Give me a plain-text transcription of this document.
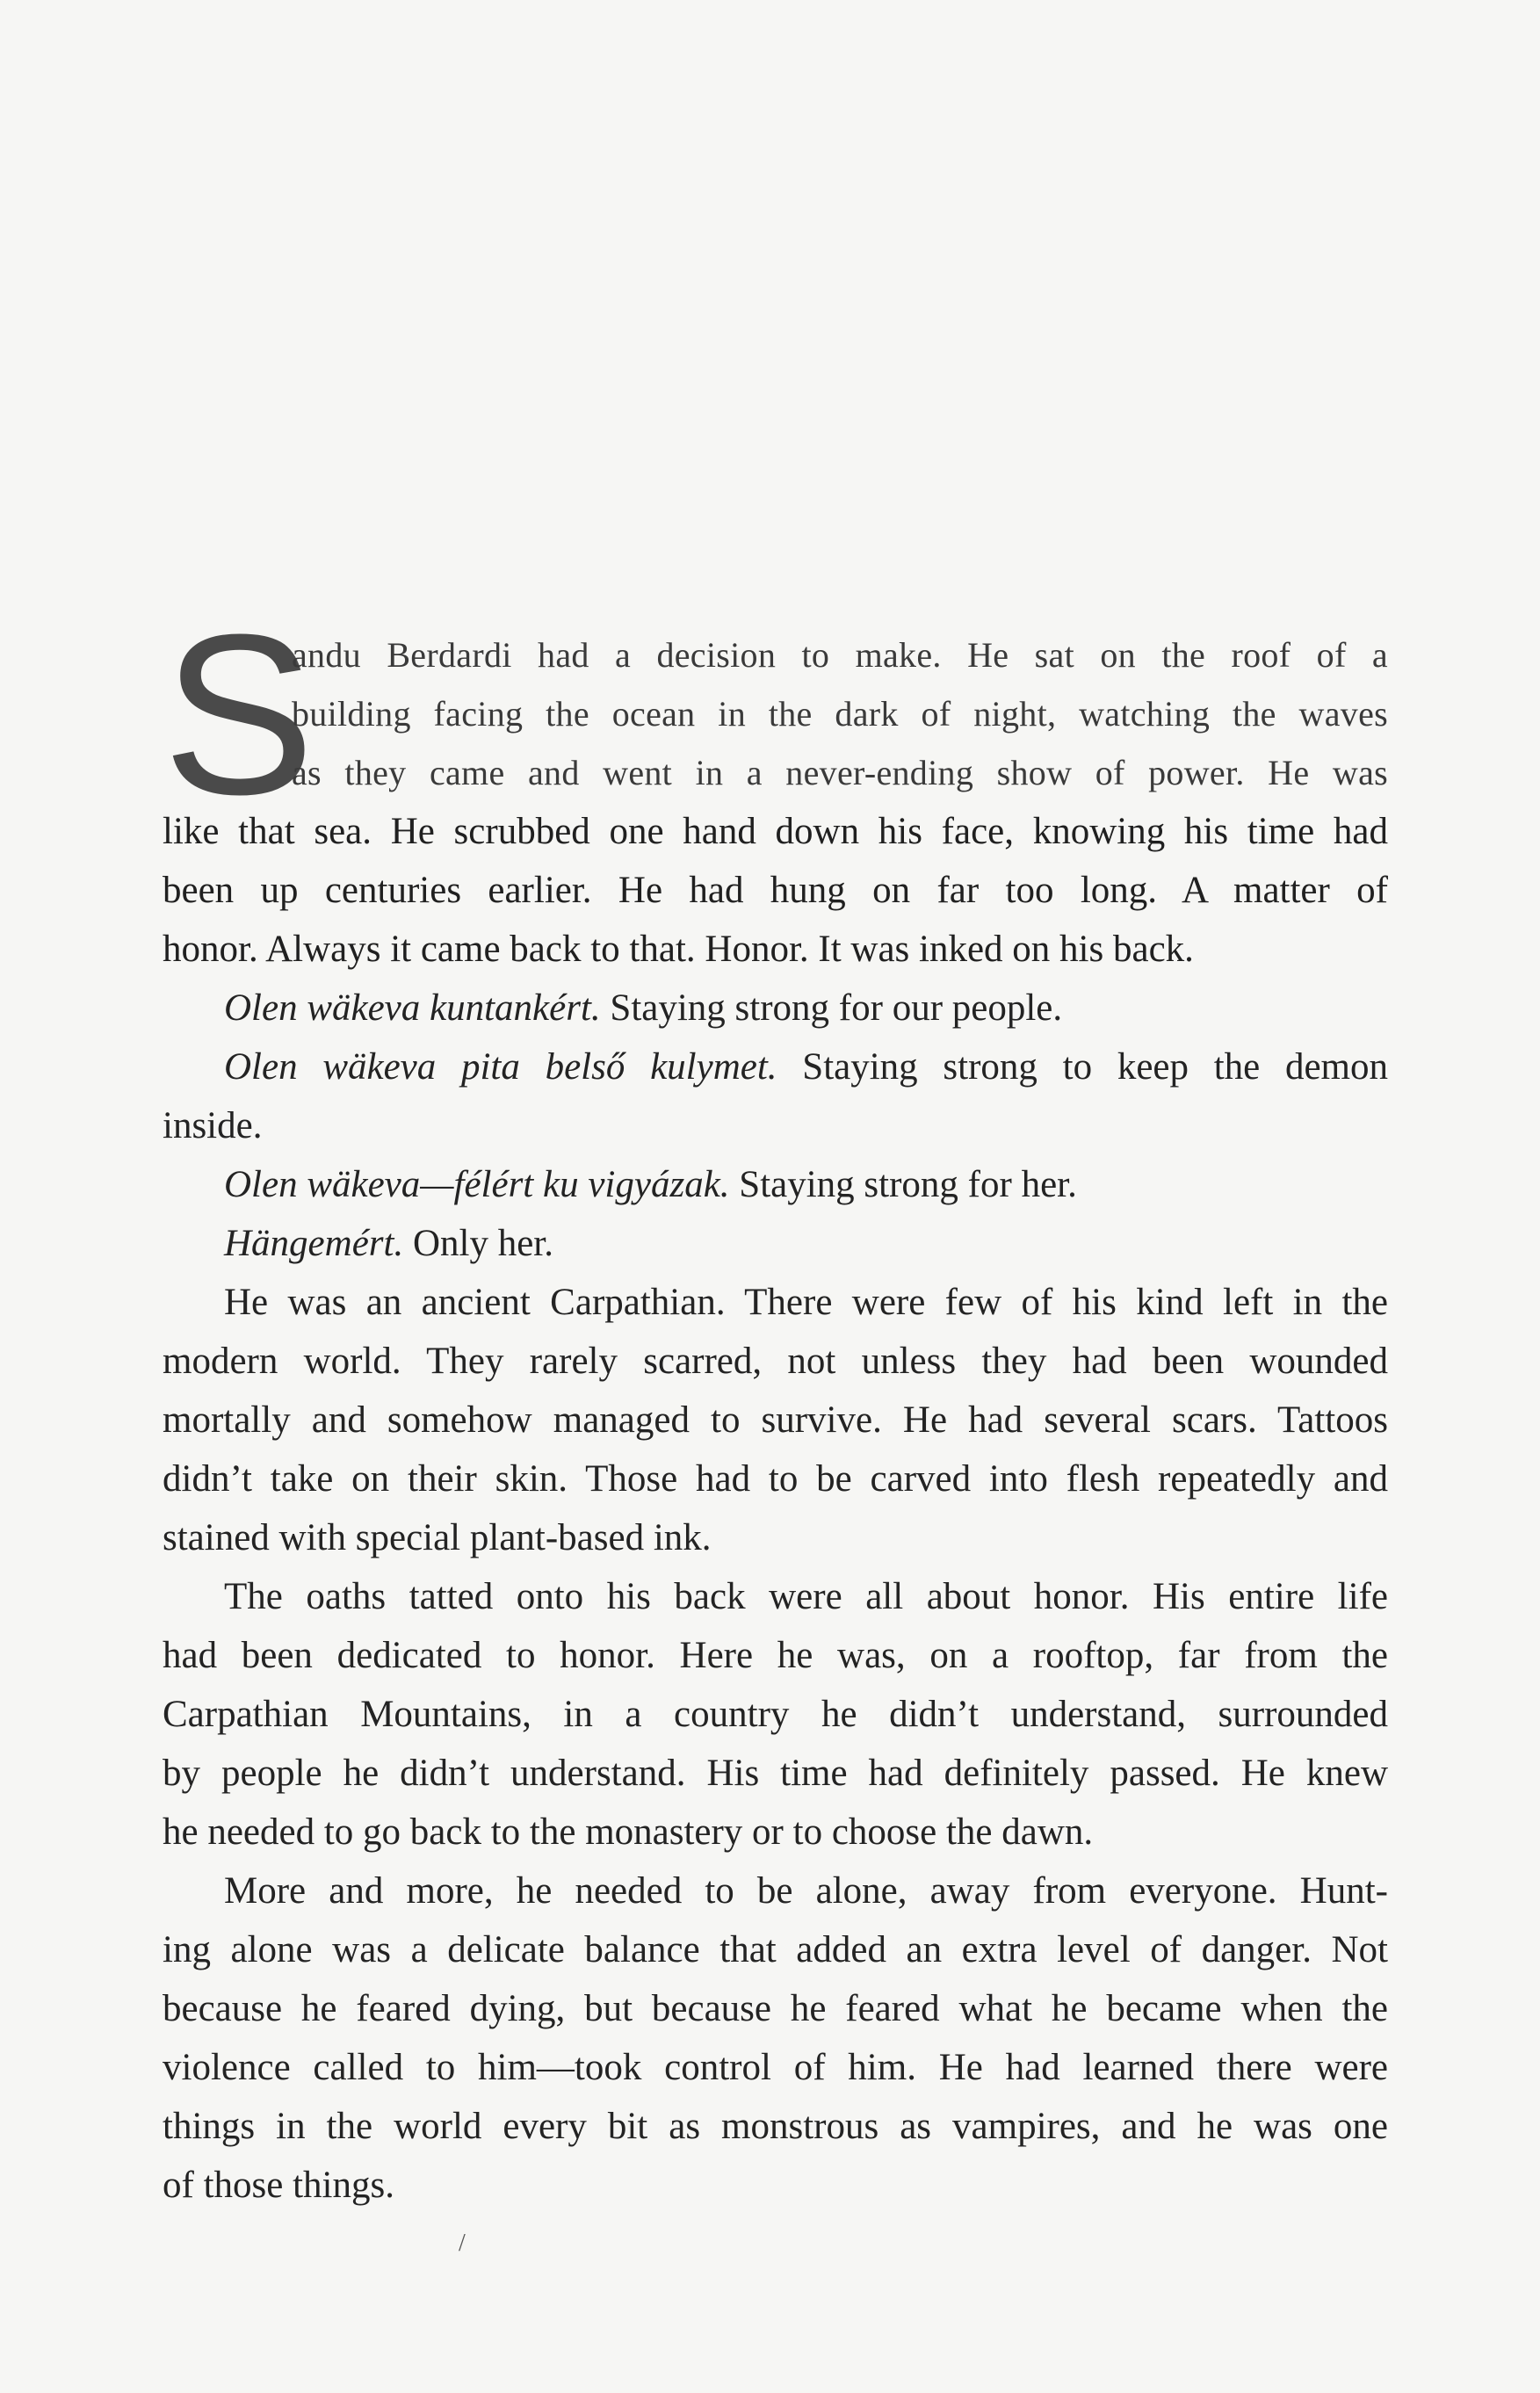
S
andu Berdardi had a decision to make. He sat on the roof of a
building facing the ocean in the dark of night, watching the waves
as they came and went in a never-ending show of power. He was
like that sea. He scrubbed one hand down his face, knowing his time had
been up centuries earlier. He had hung on far too long. A matter of
honor. Always it came back to that. Honor. It was inked on his back.

Olen wäkeva kuntankért. Staying strong for our people.

Olen wäkeva pita belső kulymet. Staying strong to keep the demon
inside.

Olen wäkeva—félért ku vigyázak. Staying strong for her.

Hängemért. Only her.

He was an ancient Carpathian. There were few of his kind left in the
modern world. They rarely scarred, not unless they had been wounded
mortally and somehow managed to survive. He had several scars. Tattoos
didn’t take on their skin. Those had to be carved into flesh repeatedly and
stained with special plant-based ink.

The oaths tatted onto his back were all about honor. His entire life
had been dedicated to honor. Here he was, on a rooftop, far from the
Carpathian Mountains, in a country he didn’t understand, surrounded
by people he didn’t understand. His time had definitely passed. He knew
he needed to go back to the monastery or to choose the dawn.

More and more, he needed to be alone, away from everyone. Hunt-
ing alone was a delicate balance that added an extra level of danger. Not
because he feared dying, but because he feared what he became when the
violence called to him—took control of him. He had learned there were
things in the world every bit as monstrous as vampires, and he was one
of those things.

/
